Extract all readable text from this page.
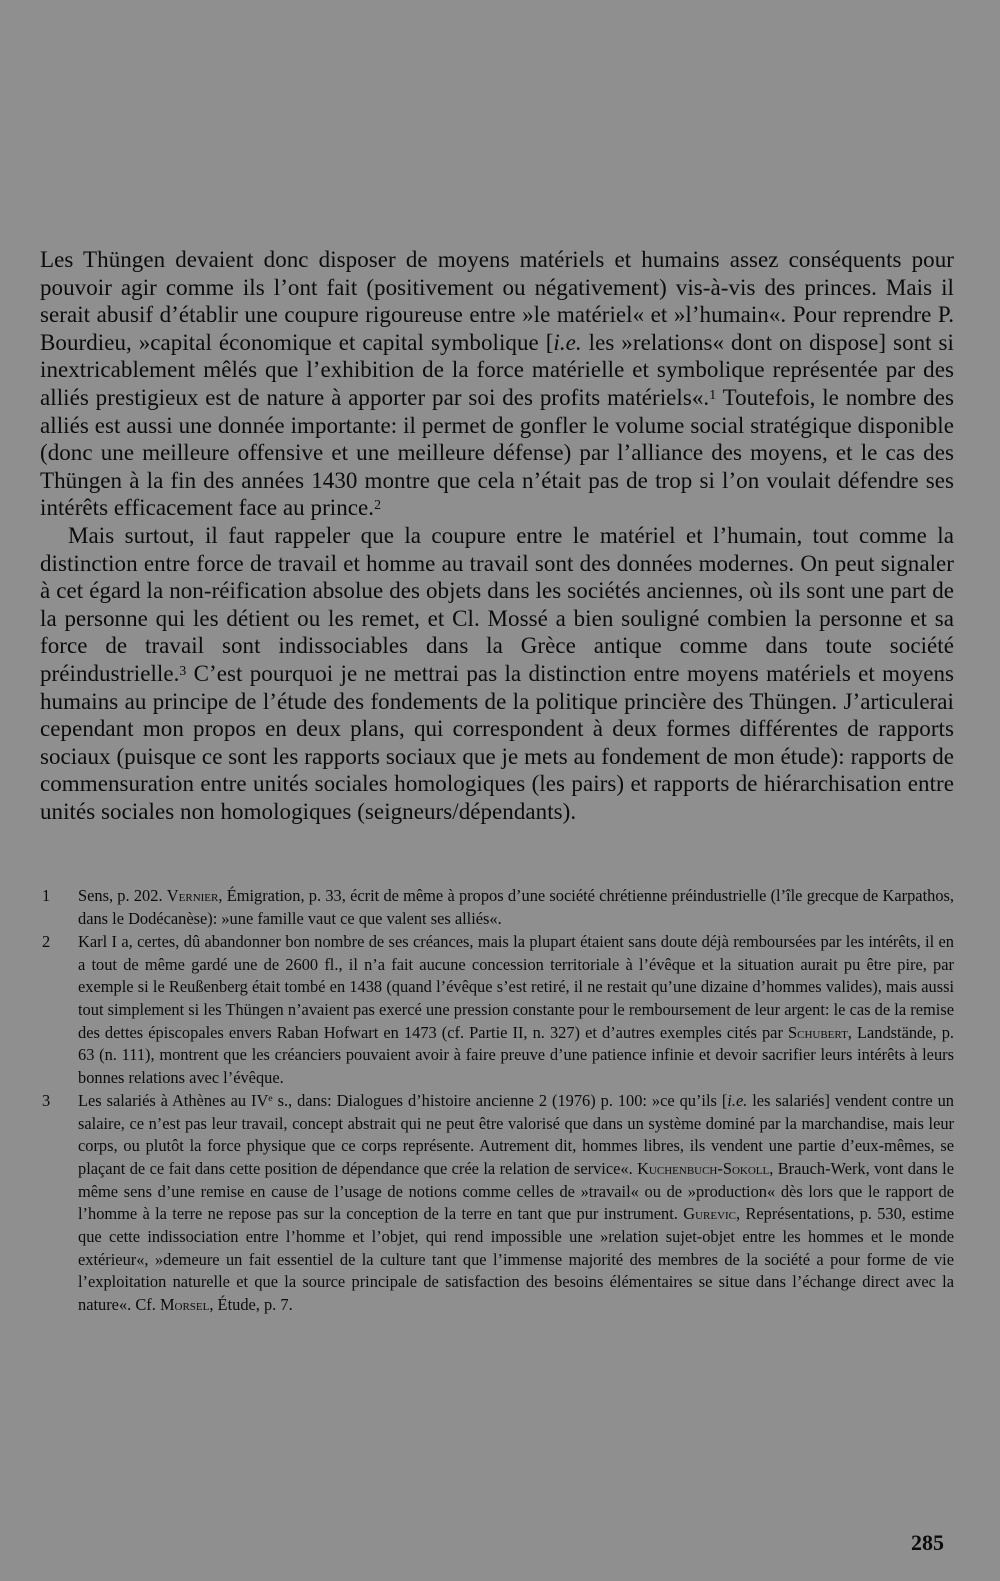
Les Thüngen devaient donc disposer de moyens matériels et humains assez conséquents pour pouvoir agir comme ils l’ont fait (positivement ou négativement) vis-à-vis des princes. Mais il serait abusif d’établir une coupure rigoureuse entre »le matériel« et »l’humain«. Pour reprendre P. Bourdieu, »capital économique et capital symbolique [i.e. les »relations« dont on dispose] sont si inextricablement mêlés que l’exhibition de la force matérielle et symbolique représentée par des alliés prestigieux est de nature à apporter par soi des profits matériels«.$^1$ Toutefois, le nombre des alliés est aussi une donnée importante: il permet de gonfler le volume social stratégique disponible (donc une meilleure offensive et une meilleure défense) par l’alliance des moyens, et le cas des Thüngen à la fin des années 1430 montre que cela n’était pas de trop si l’on voulait défendre ses intérêts efficacement face au prince.$^2$

Mais surtout, il faut rappeler que la coupure entre le matériel et l’humain, tout comme la distinction entre force de travail et homme au travail sont des données modernes. On peut signaler à cet égard la non-réification absolue des objets dans les sociétés anciennes, où ils sont une part de la personne qui les détient ou les remet, et Cl. Mossé a bien souligné combien la personne et sa force de travail sont indissociables dans la Grèce antique comme dans toute société préindustrielle.$^3$ C’est pourquoi je ne mettrai pas la distinction entre moyens matériels et moyens humains au principe de l’étude des fondements de la politique princière des Thüngen. J’articulerai cependant mon propos en deux plans, qui correspondent à deux formes différentes de rapports sociaux (puisque ce sont les rapports sociaux que je mets au fondement de mon étude): rapports de commensuration entre unités sociales homologiques (les pairs) et rapports de hiérarchisation entre unités sociales non homologiques (seigneurs/dépendants).

1 Sens, p. 202. Vernier, Émigration, p. 33, écrit de même à propos d’une société chrétienne préindustrielle (l’île grecque de Karpathos, dans le Dodécanèse): »une famille vaut ce que valent ses alliés«.

2 Karl I a, certes, dû abandonner bon nombre de ses créances, mais la plupart étaient sans doute déjà remboursées par les intérêts, il en a tout de même gardé une de 2600 fl., il n’a fait aucune concession territoriale à l’évêque et la situation aurait pu être pire, par exemple si le Reußenberg était tombé en 1438 (quand l’évêque s’est retiré, il ne restait qu’une dizaine d’hommes valides), mais aussi tout simplement si les Thüngen n’avaient pas exercé une pression constante pour le remboursement de leur argent: le cas de la remise des dettes épiscopales envers Raban Hofwart en 1473 (cf. Partie II, n. 327) et d’autres exemples cités par Schubert, Landstände, p. 63 (n. 111), montrent que les créanciers pouvaient avoir à faire preuve d’une patience infinie et devoir sacrifier leurs intérêts à leurs bonnes relations avec l’évêque.

3 Les salariés à Athènes au IVe s., dans: Dialogues d’histoire ancienne 2 (1976) p. 100: »ce qu’ils [i.e. les salariés] vendent contre un salaire, ce n’est pas leur travail, concept abstrait qui ne peut être valorisé que dans un système dominé par la marchandise, mais leur corps, ou plutôt la force physique que ce corps représente. Autrement dit, hommes libres, ils vendent une partie d’eux-mêmes, se plaçant de ce fait dans cette position de dépendance que crée la relation de service«. Kuchenbuch-Sokoll, Brauch-Werk, vont dans le même sens d’une remise en cause de l’usage de notions comme celles de »travail« ou de »production« dès lors que le rapport de l’homme à la terre ne repose pas sur la conception de la terre en tant que pur instrument. Gurevic, Représentations, p. 530, estime que cette indissociation entre l’homme et l’objet, qui rend impossible une »relation sujet-objet entre les hommes et le monde extérieur«, »demeure un fait essentiel de la culture tant que l’immense majorité des membres de la société a pour forme de vie l’exploitation naturelle et que la source principale de satisfaction des besoins élémentaires se situe dans l’échange direct avec la nature«. Cf. Morsel, Étude, p. 7.

285
